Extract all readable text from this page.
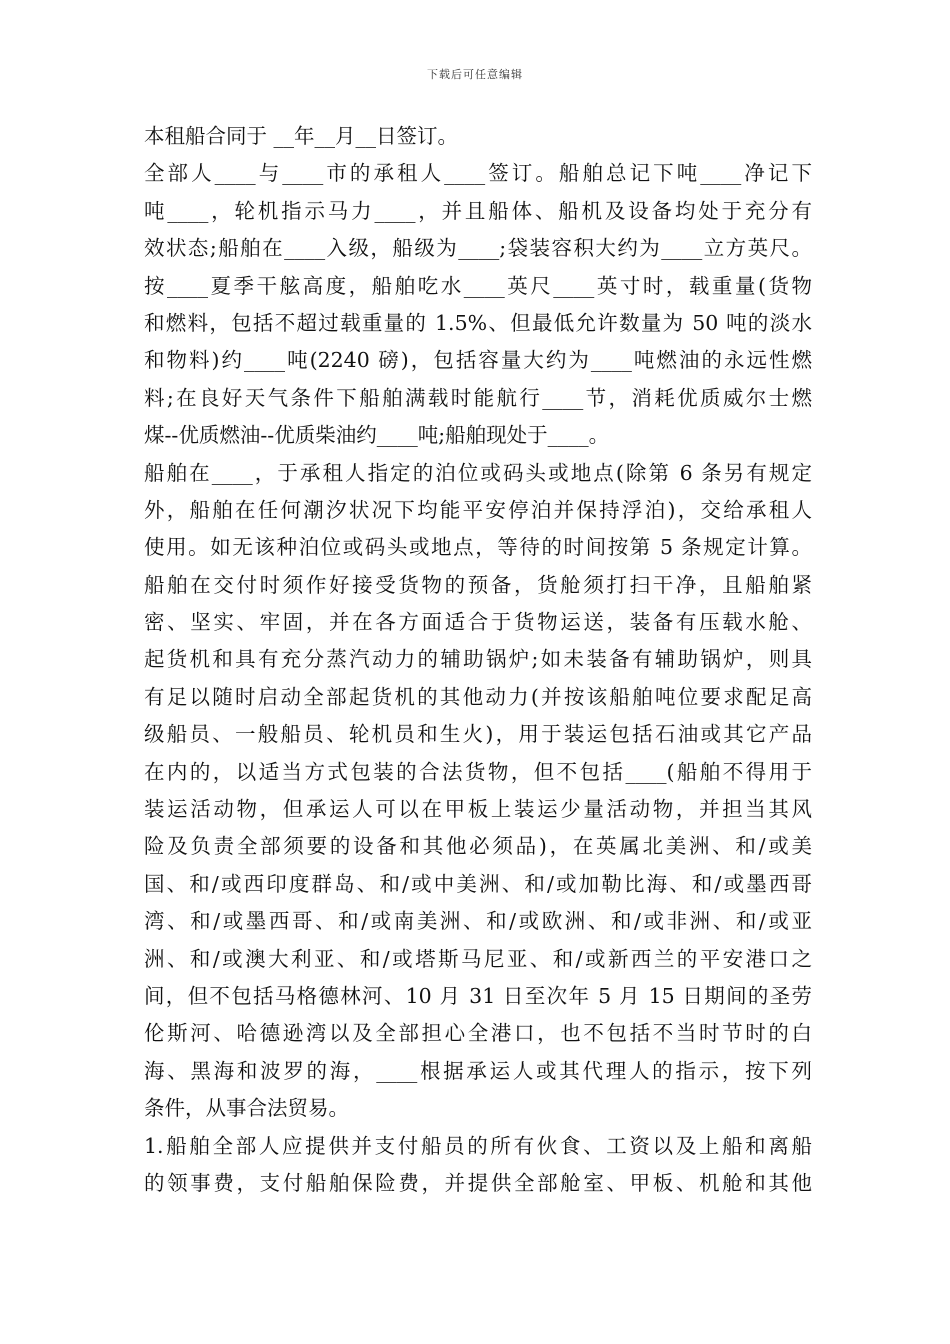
下载后可任意编辑
本租船合同于 __年__月__日签订。
全部人____与____市的承租人____签订。船舶总记下吨____净记下
吨____，轮机指示马力____，并且船体、船机及设备均处于充分有
效状态;船舶在____入级，船级为____;袋装容积大约为____立方英尺。
按____夏季干舷高度，船舶吃水____英尺____英寸时，载重量(货物
和燃料，包括不超过载重量的 1.5%、但最低允许数量为 50 吨的淡水
和物料)约____吨(2240 磅)，包括容量大约为____吨燃油的永远性燃
料;在良好天气条件下船舶满载时能航行____节，消耗优质威尔士燃
煤--优质燃油--优质柴油约____吨;船舶现处于____。
船舶在____，于承租人指定的泊位或码头或地点(除第 6 条另有规定
外，船舶在任何潮汐状况下均能平安停泊并保持浮泊)，交给承租人
使用。如无该种泊位或码头或地点，等待的时间按第 5 条规定计算。
船舶在交付时须作好接受货物的预备，货舱须打扫干净，且船舶紧
密、坚实、牢固，并在各方面适合于货物运送，装备有压载水舱、
起货机和具有充分蒸汽动力的辅助锅炉;如未装备有辅助锅炉，则具
有足以随时启动全部起货机的其他动力(并按该船舶吨位要求配足高
级船员、一般船员、轮机员和生火)，用于装运包括石油或其它产品
在内的，以适当方式包装的合法货物，但不包括____(船舶不得用于
装运活动物，但承运人可以在甲板上装运少量活动物，并担当其风
险及负责全部须要的设备和其他必须品)，在英属北美洲、和/或美
国、和/或西印度群岛、和/或中美洲、和/或加勒比海、和/或墨西哥
湾、和/或墨西哥、和/或南美洲、和/或欧洲、和/或非洲、和/或亚
洲、和/或澳大利亚、和/或塔斯马尼亚、和/或新西兰的平安港口之
间，但不包括马格德林河、10 月 31 日至次年 5 月 15 日期间的圣劳
伦斯河、哈德逊湾以及全部担心全港口，也不包括不当时节时的白
海、黑海和波罗的海，____根据承运人或其代理人的指示，按下列
条件，从事合法贸易。
1.船舶全部人应提供并支付船员的所有伙食、工资以及上船和离船
的领事费，支付船舶保险费，并提供全部舱室、甲板、机舱和其他
